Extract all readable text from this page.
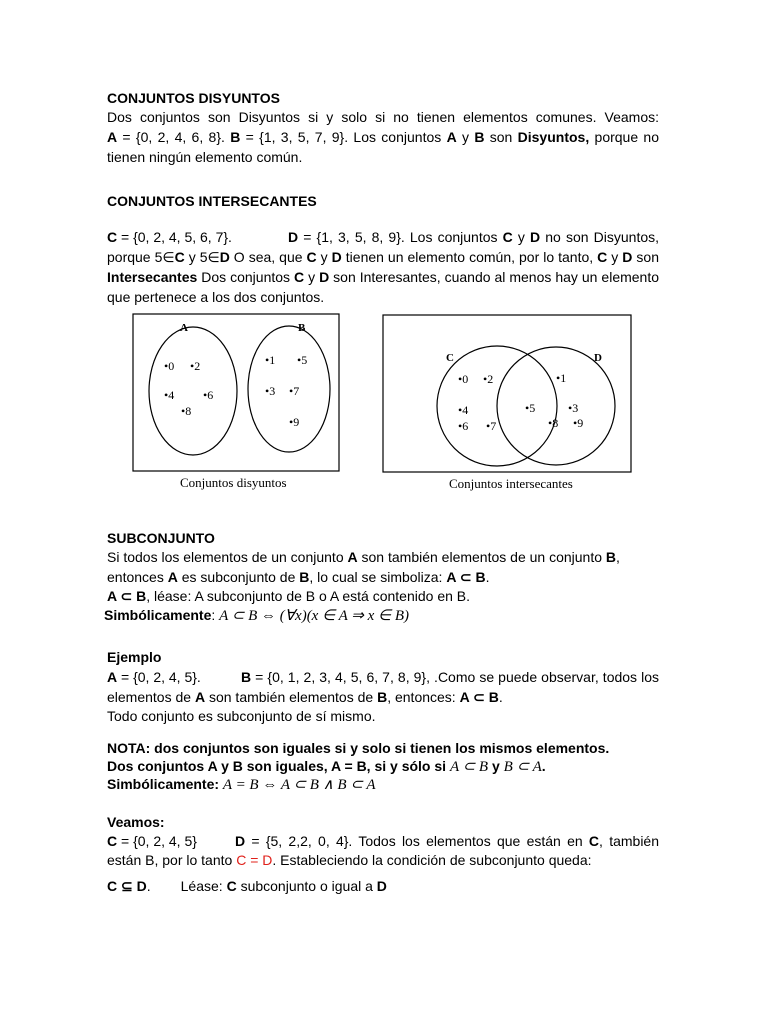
CONJUNTOS DISYUNTOS
Dos conjuntos son Disyuntos si y solo si no tienen elementos comunes. Veamos:
A = {0, 2, 4, 6, 8}. B = {1, 3, 5, 7, 9}. Los conjuntos A y B son Disyuntos, porque no
tienen ningún elemento común.
CONJUNTOS INTERSECANTES
C = {0, 2, 4, 5, 6, 7}.	D = {1, 3, 5, 8, 9}. Los conjuntos C y D no son Disyuntos,
porque 5∈C y 5∈D O sea, que C y D tienen un elemento común, por lo tanto, C y D son
Intersecantes Dos conjuntos C y D son Interesantes, cuando al menos hay un elemento
que pertenece a los dos conjuntos.
A	B
•0 •2
•4 •6
•8
•1 •5
•3 •7
•9
C	D
•0 •2
•4
•6 •7
•5
•1
•3
•8 •9
Conjuntos disyuntos	Conjuntos intersecantes
SUBCONJUNTO
Si todos los elementos de un conjunto A son también elementos de un conjunto B,
entonces A es subconjunto de B, lo cual se simboliza: A ⊂ B.
A ⊂ B, léase: A subconjunto de B o A está contenido en B.
Simbólicamente: A ⊂ B ⇔ (∀x)(x ∈ A ⇒ x ∈ B)
Ejemplo
A = {0, 2, 4, 5}.	B = {0, 1, 2, 3, 4, 5, 6, 7, 8, 9}, .Como se puede observar, todos los
elementos de A son también elementos de B, entonces: A ⊂ B.
Todo conjunto es subconjunto de sí mismo.
NOTA: dos conjuntos son iguales si y solo si tienen los mismos elementos.
Dos conjuntos A y B son iguales, A = B, si y sólo si A ⊂ B y B ⊂ A.
Simbólicamente: A = B ⇔ A ⊂ B ∧ B ⊂ A
Veamos:
C = {0, 2, 4, 5}	D = {5, 2,2, 0, 4}. Todos los elementos que están en C, también
están B, por lo tanto C = D. Estableciendo la condición de subconjunto queda:
C ⊆ D. Léase: C subconjunto o igual a D
